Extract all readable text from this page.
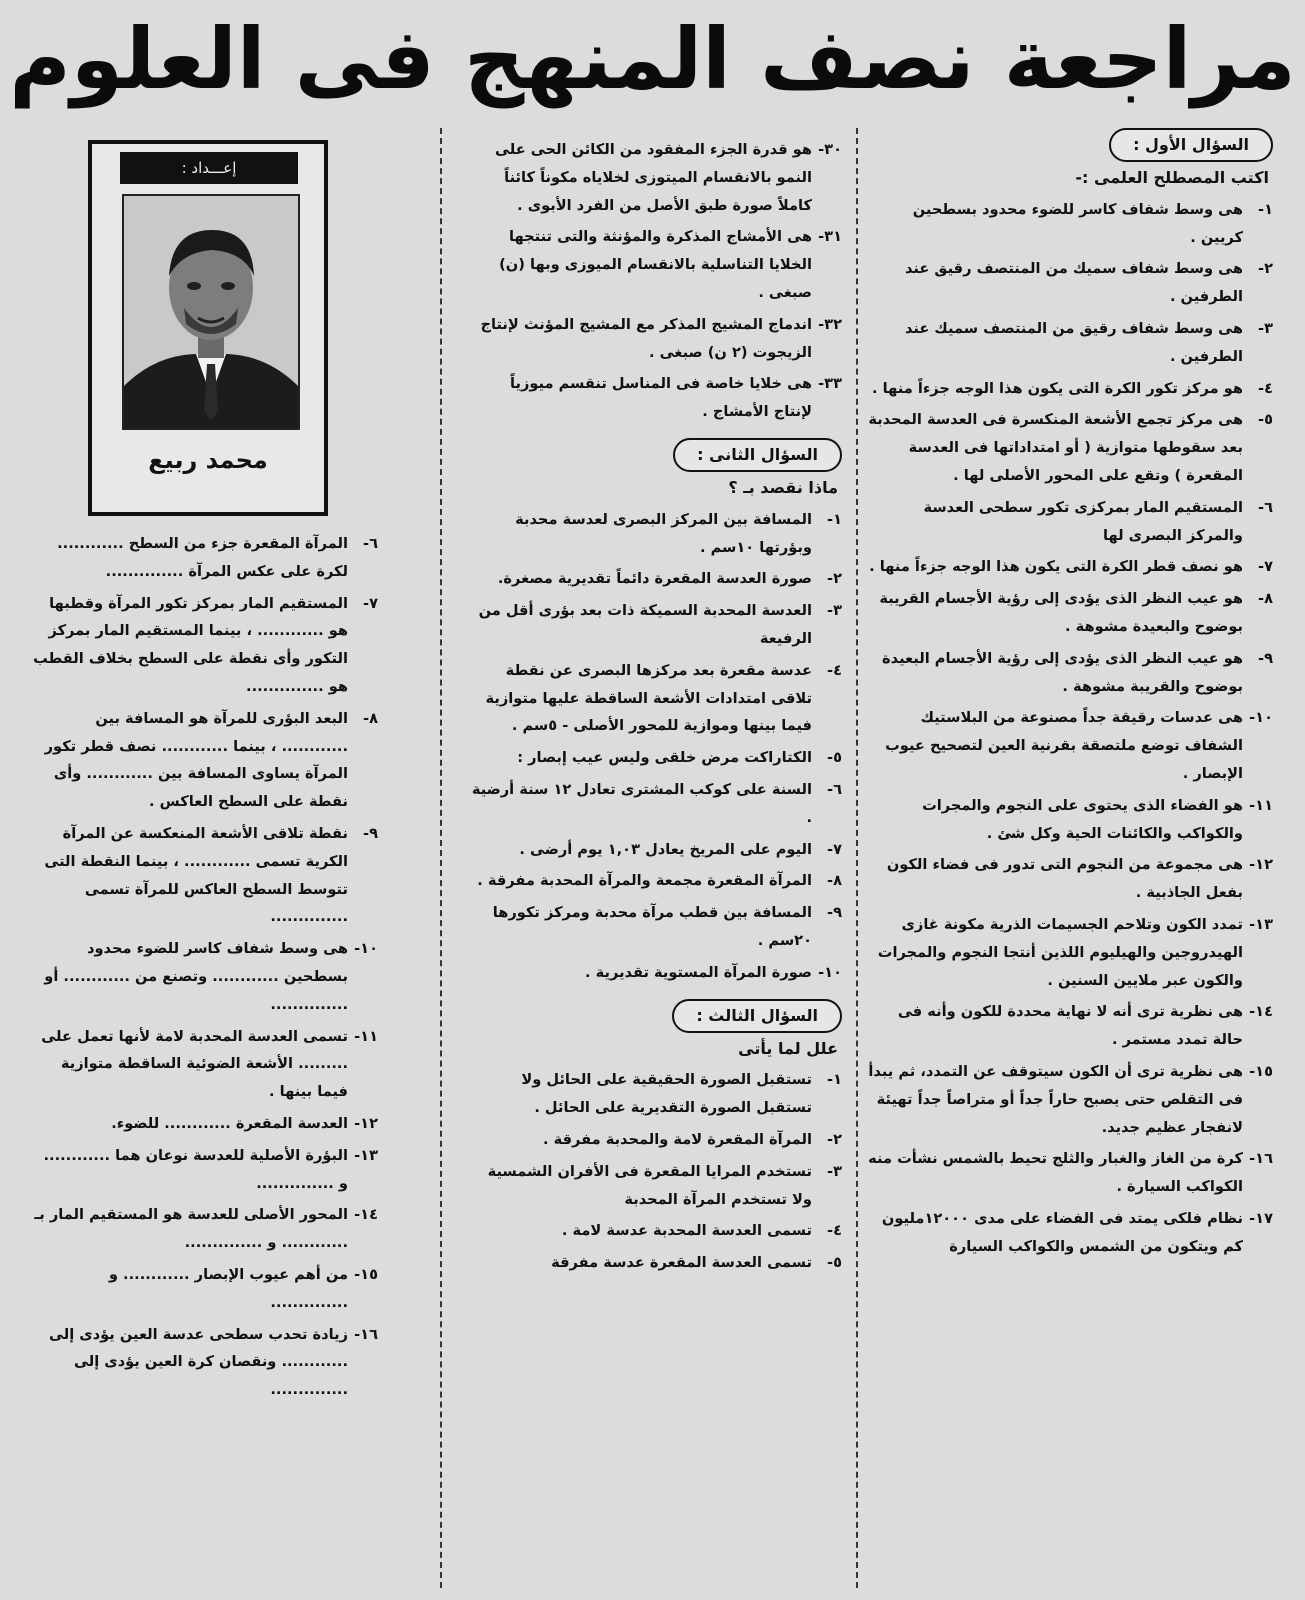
مراجعة نصف المنهج فى العلوم
السؤال الأول :
اكتب المصطلح العلمى :-
١-
هى وسط شفاف كاسر للضوء محدود بسطحين كريين .
٢-
هى وسط شفاف سميك من المنتصف رقيق عند الطرفين .
٣-
هى وسط شفاف رقيق من المنتصف سميك عند الطرفين .
٤-
هو مركز تكور الكرة التى يكون هذا الوجه جزءاً منها .
٥-
هى مركز تجمع الأشعة المنكسرة فى العدسة المحدبة بعد سقوطها متوازية ( أو امتداداتها فى العدسة المقعرة ) وتقع على المحور الأصلى لها .
٦-
المستقيم المار بمركزى تكور سطحى العدسة والمركز البصرى لها
٧-
هو نصف قطر الكرة التى يكون هذا الوجه جزءاً منها .
٨-
هو عيب النظر الذى يؤدى إلى رؤية الأجسام القريبة بوضوح والبعيدة مشوهة .
٩-
هو عيب النظر الذى يؤدى إلى رؤية الأجسام البعيدة بوضوح والقريبة مشوهة .
١٠-
هى عدسات رقيقة جداً مصنوعة من البلاستيك الشفاف توضع ملتصقة بقرنية العين لتصحيح عيوب الإبصار .
١١-
هو الفضاء الذى يحتوى على النجوم والمجرات والكواكب والكائنات الحية وكل شئ .
١٢-
هى مجموعة من النجوم التى تدور فى فضاء الكون بفعل الجاذبية .
١٣-
تمدد الكون وتلاحم الجسيمات الذرية مكونة غازى الهيدروجين والهيليوم اللذين أنتجا النجوم والمجرات والكون عبر ملايين السنين .
١٤-
هى نظرية ترى أنه لا نهاية محددة للكون وأنه فى حالة تمدد مستمر .
١٥-
هى نظرية ترى أن الكون سيتوقف عن التمدد، ثم يبدأ فى التقلص حتى يصبح حاراً جداً أو متراصاً جداً تهيئة لانفجار عظيم جديد.
١٦-
كرة من الغاز والغبار والثلج تحيط بالشمس نشأت منه الكواكب السيارة .
١٧-
نظام فلكى يمتد فى الفضاء على مدى ١٢٠٠٠مليون كم ويتكون من الشمس والكواكب السيارة
٣٠-
هو قدرة الجزء المفقود من الكائن الحى على النمو بالانقسام الميتوزى لخلاياه مكوناً كائناً كاملاً صورة طبق الأصل من الفرد الأبوى .
٣١-
هى الأمشاج المذكرة والمؤنثة والتى تنتجها الخلايا التناسلية بالانقسام الميوزى وبها (ن) صبغى .
٣٢-
اندماج المشيج المذكر مع المشيج المؤنث لإنتاج الزيجوت (٢ ن) صبغى .
٣٣-
هى خلايا خاصة فى المناسل تنقسم ميوزياً لإنتاج الأمشاج .
السؤال الثانى :
ماذا نقصد بـ ؟
١-
المسافة بين المركز البصرى لعدسة محدبة وبؤرتها ١٠سم .
٢-
صورة العدسة المقعرة دائماً تقديرية مصغرة.
٣-
العدسة المحدبة السميكة ذات بعد بؤرى أقل من الرفيعة
٤-
عدسة مقعرة بعد مركزها البصرى عن نقطة تلاقى امتدادات الأشعة الساقطة عليها متوازية فيما بينها وموازية للمحور الأصلى - ٥سم .
٥-
الكتاراكت مرض خلقى وليس عيب إبصار :
٦-
السنة على كوكب المشترى تعادل ١٢ سنة أرضية .
٧-
اليوم على المريخ يعادل ١,٠٣ يوم أرضى .
٨-
المرآة المقعرة مجمعة والمرآة المحدبة مفرقة .
٩-
المسافة بين قطب مرآة محدبة ومركز تكورها ٢٠سم .
١٠-
صورة المرآة المستوية تقديرية .
السؤال الثالث :
علل لما يأتى
١-
تستقبل الصورة الحقيقية على الحائل ولا تستقبل الصورة التقديرية على الحائل .
٢-
المرآة المقعرة لامة والمحدبة مفرقة .
٣-
تستخدم المرايا المقعرة فى الأفران الشمسية ولا تستخدم المرآة المحدبة
٤-
تسمى العدسة المحدبة عدسة لامة .
٥-
تسمى العدسة المقعرة عدسة مفرقة
إعـــداد :
محمد ربيع
٦-
المرآة المقعرة جزء من السطح ............ لكرة على عكس المرآة ..............
٧-
المستقيم المار بمركز تكور المرآة وقطبها هو ............ ، بينما المستقيم المار بمركز التكور وأى نقطة على السطح بخلاف القطب هو ..............
٨-
البعد البؤرى للمرآة هو المسافة بين ............ ، بينما ............ نصف قطر تكور المرآة يساوى المسافة بين ............ وأى نقطة على السطح العاكس .
٩-
نقطة تلاقى الأشعة المنعكسة عن المرآة الكرية تسمى ............ ، بينما النقطة التى تتوسط السطح العاكس للمرآة تسمى ..............
١٠-
هى وسط شفاف كاسر للضوء محدود بسطحين ............ وتصنع من ............ أو ..............
١١-
تسمى العدسة المحدبة لامة لأنها تعمل على ......... الأشعة الضوئية الساقطة متوازية فيما بينها .
١٢-
العدسة المقعرة ............ للضوء.
١٣-
البؤرة الأصلية للعدسة نوعان هما ............ و ..............
١٤-
المحور الأصلى للعدسة هو المستقيم المار بـ ............ و ..............
١٥-
من أهم عيوب الإبصار ............ و ..............
١٦-
زيادة تحدب سطحى عدسة العين يؤدى إلى ............ ونقصان كرة العين يؤدى إلى ..............
